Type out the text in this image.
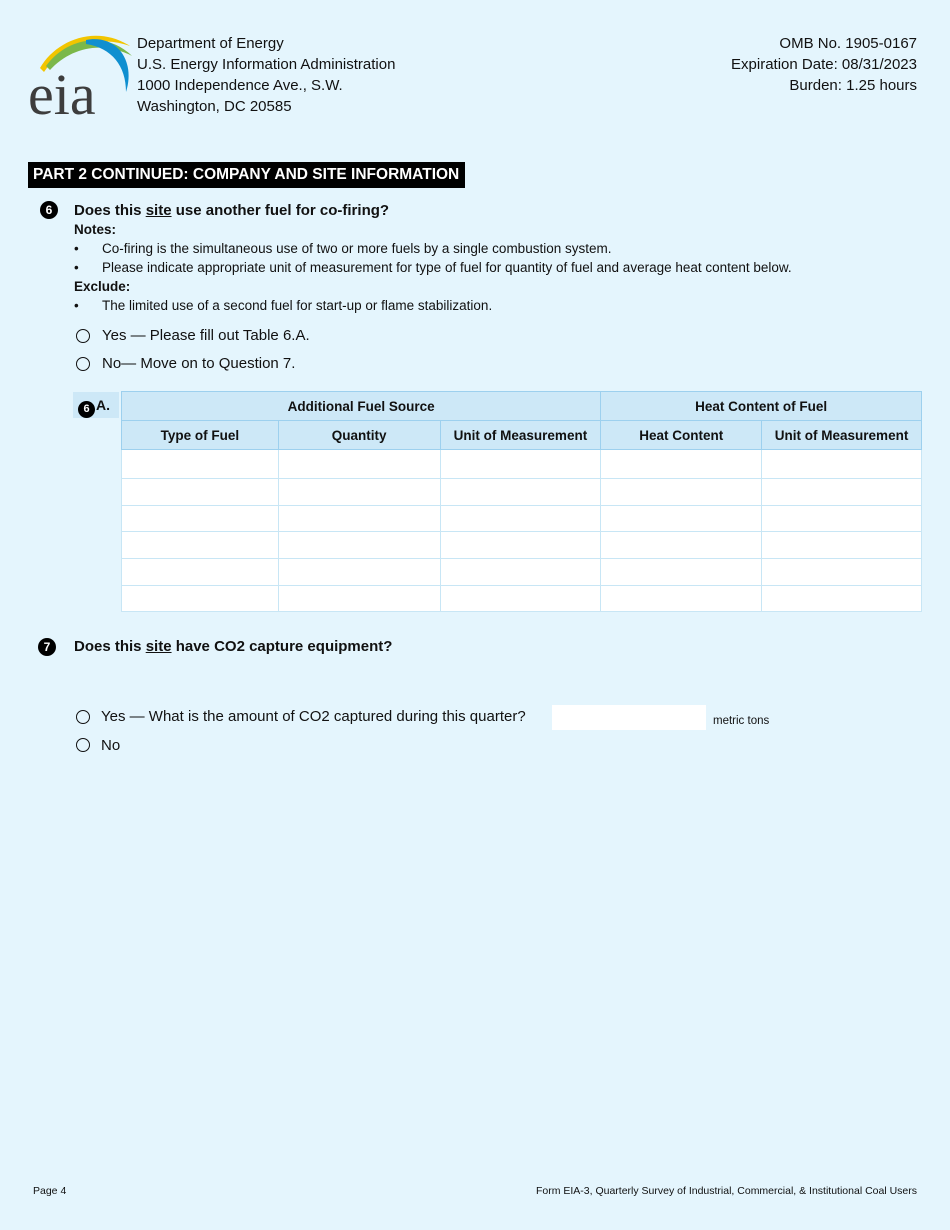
eia
Department of Energy
U.S. Energy Information Administration
1000 Independence Ave., S.W.
Washington, DC 20585
OMB No. 1905-0167
Expiration Date: 08/31/2023
Burden: 1.25 hours
PART 2 CONTINUED: COMPANY AND SITE INFORMATION
6	Does this site use another fuel for co-firing?
Notes:
• Co-firing is the simultaneous use of two or more fuels by a single combustion system.
• Please indicate appropriate unit of measurement for type of fuel for quantity of fuel and average heat content below.
Exclude:
• The limited use of a second fuel for start-up or flame stabilization.
Yes — Please fill out Table 6.A.
No— Move on to Question 7.
6 A.	Additional Fuel Source			Heat Content of Fuel	
Type of Fuel	Quantity	Unit of Measurement	Heat Content	Unit of Measurement

7	Does this site have CO2 capture equipment?
Yes — What is the amount of CO2 captured during this quarter?	metric tons
No
Page 4	Form EIA-3, Quarterly Survey of Industrial, Commercial, & Institutional Coal Users
